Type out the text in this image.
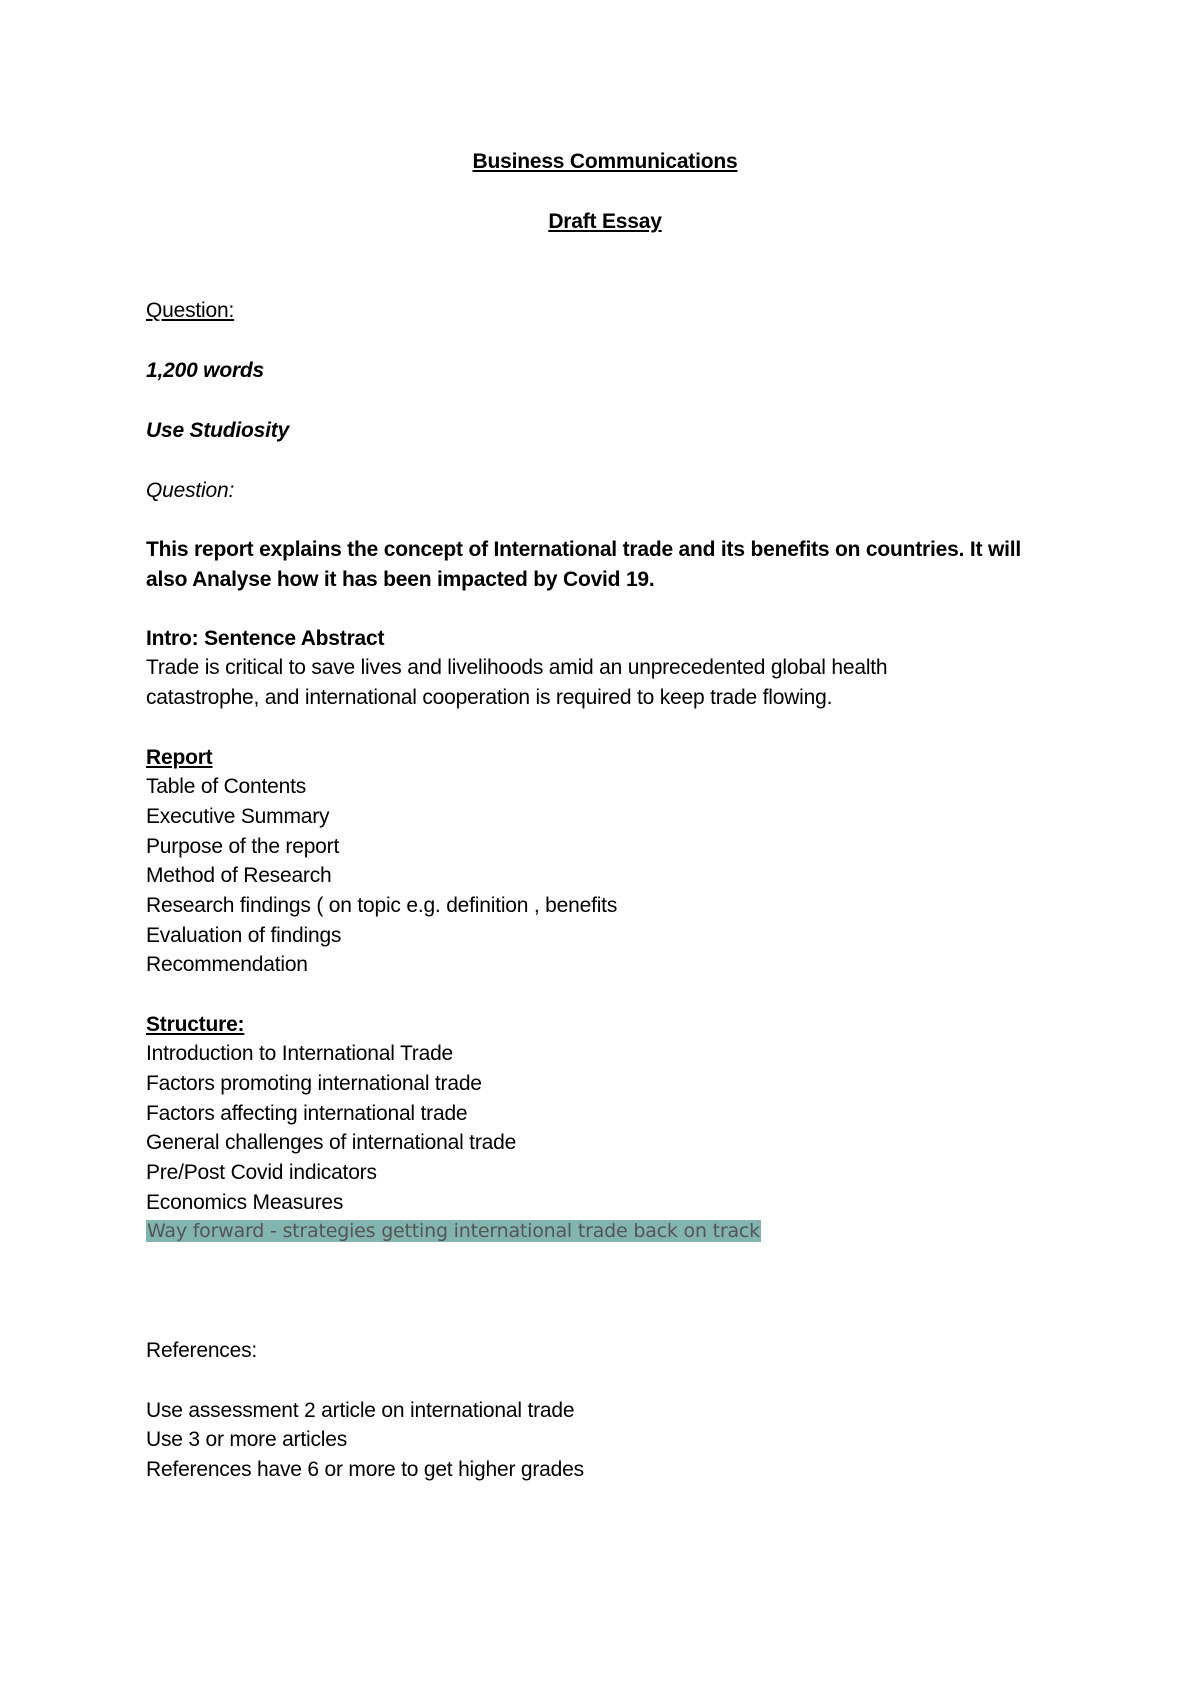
Business Communications
Draft Essay
Question:
1,200 words
Use Studiosity
Question:
This report explains the concept of International trade and its benefits on countries. It will
also Analyse how it has been impacted by Covid 19.
Intro: Sentence Abstract
Trade is critical to save lives and livelihoods amid an unprecedented global health
catastrophe, and international cooperation is required to keep trade flowing.
Report
Table of Contents
Executive Summary
Purpose of the report
Method of Research
Research findings ( on topic e.g. definition , benefits
Evaluation of findings
Recommendation
Structure:
Introduction to International Trade
Factors promoting international trade
Factors affecting international trade
General challenges of international trade
Pre/Post Covid indicators
Economics Measures
Way forward - strategies getting international trade back on track
References:
Use assessment 2 article on international trade
Use 3 or more articles
References have 6 or more to get higher grades
